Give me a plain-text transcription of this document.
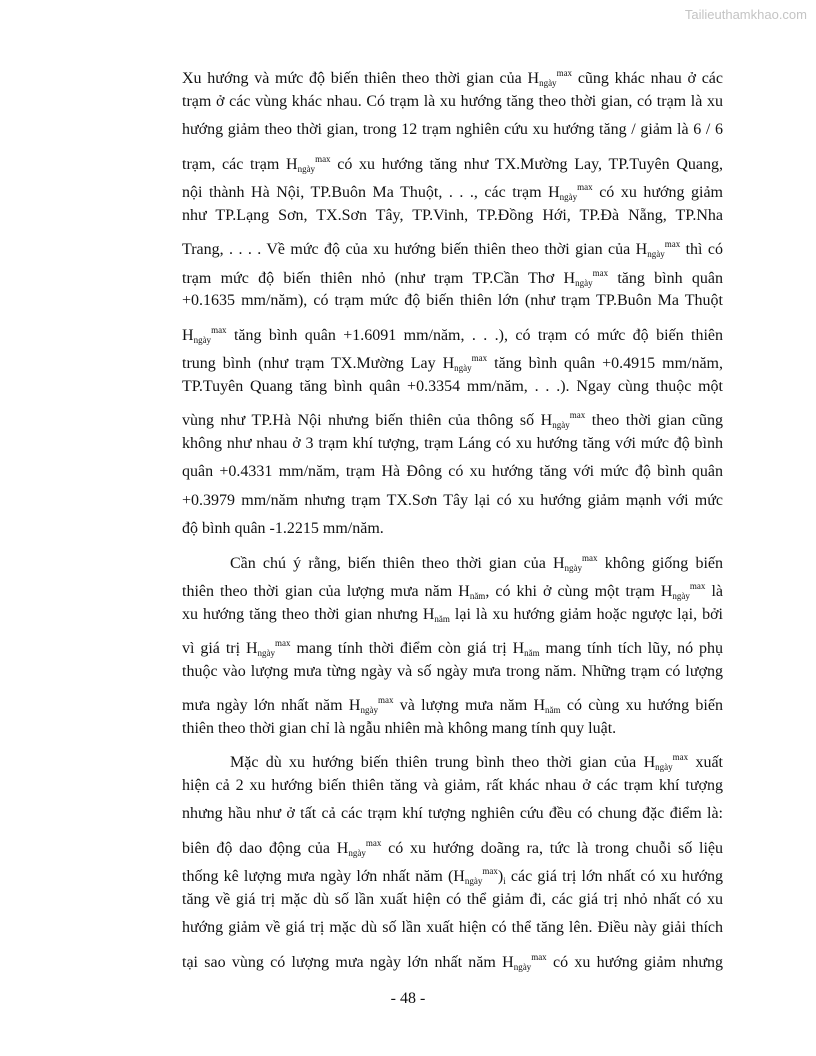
Tailieuthamkhao.com
Xu hướng và mức độ biến thiên theo thời gian của $H_{ngày}^{max}$ cũng khác nhau ở các
trạm ở các vùng khác nhau. Có trạm là xu hướng tăng theo thời gian, có trạm là xu
hướng giảm theo thời gian, trong 12 trạm nghiên cứu xu hướng tăng / giảm là 6 / 6
trạm, các trạm $H_{ngày}^{max}$ có xu hướng tăng như TX.Mường Lay, TP.Tuyên Quang,
nội thành Hà Nội, TP.Buôn Ma Thuột, . . ., các trạm $H_{ngày}^{max}$ có xu hướng giảm
như TP.Lạng Sơn, TX.Sơn Tây, TP.Vinh, TP.Đồng Hới, TP.Đà Nẵng, TP.Nha
Trang, . . . . Về mức độ của xu hướng biến thiên theo thời gian của $H_{ngày}^{max}$ thì có
trạm mức độ biến thiên nhỏ (như trạm TP.Cần Thơ $H_{ngày}^{max}$ tăng bình quân
+0.1635 mm/năm), có trạm mức độ biến thiên lớn (như trạm TP.Buôn Ma Thuột
$H_{ngày}^{max}$ tăng bình quân +1.6091 mm/năm, . . .), có trạm có mức độ biến thiên
trung bình (như trạm TX.Mường Lay $H_{ngày}^{max}$ tăng bình quân +0.4915 mm/năm,
TP.Tuyên Quang tăng bình quân +0.3354 mm/năm, . . .). Ngay cùng thuộc một
vùng như TP.Hà Nội nhưng biến thiên của thông số $H_{ngày}^{max}$ theo thời gian cũng
không như nhau ở 3 trạm khí tượng, trạm Láng có xu hướng tăng với mức độ bình
quân +0.4331 mm/năm, trạm Hà Đông có xu hướng tăng với mức độ bình quân
+0.3979 mm/năm nhưng trạm TX.Sơn Tây lại có xu hướng giảm mạnh với mức
độ bình quân -1.2215 mm/năm.
Cần chú ý rằng, biến thiên theo thời gian của $H_{ngày}^{max}$ không giống biến
thiên theo thời gian của lượng mưa năm $H_{năm}$, có khi ở cùng một trạm $H_{ngày}^{max}$ là
xu hướng tăng theo thời gian nhưng $H_{năm}$ lại là xu hướng giảm hoặc ngược lại, bởi
vì giá trị $H_{ngày}^{max}$ mang tính thời điểm còn giá trị $H_{năm}$ mang tính tích lũy, nó phụ
thuộc vào lượng mưa từng ngày và số ngày mưa trong năm. Những trạm có lượng
mưa ngày lớn nhất năm $H_{ngày}^{max}$ và lượng mưa năm $H_{năm}$ có cùng xu hướng biến
thiên theo thời gian chỉ là ngẫu nhiên mà không mang tính quy luật.
Mặc dù xu hướng biến thiên trung bình theo thời gian của $H_{ngày}^{max}$ xuất
hiện cả 2 xu hướng biến thiên tăng và giảm, rất khác nhau ở các trạm khí tượng
nhưng hầu như ở tất cả các trạm khí tượng nghiên cứu đều có chung đặc điểm là:
biên độ dao động của $H_{ngày}^{max}$ có xu hướng doãng ra, tức là trong chuỗi số liệu
thống kê lượng mưa ngày lớn nhất năm $(H_{ngày}^{max})_i$ các giá trị lớn nhất có xu hướng
tăng về giá trị mặc dù số lần xuất hiện có thể giảm đi, các giá trị nhỏ nhất có xu
hướng giảm về giá trị mặc dù số lần xuất hiện có thể tăng lên. Điều này giải thích
tại sao vùng có lượng mưa ngày lớn nhất năm $H_{ngày}^{max}$ có xu hướng giảm nhưng
- 48 -
